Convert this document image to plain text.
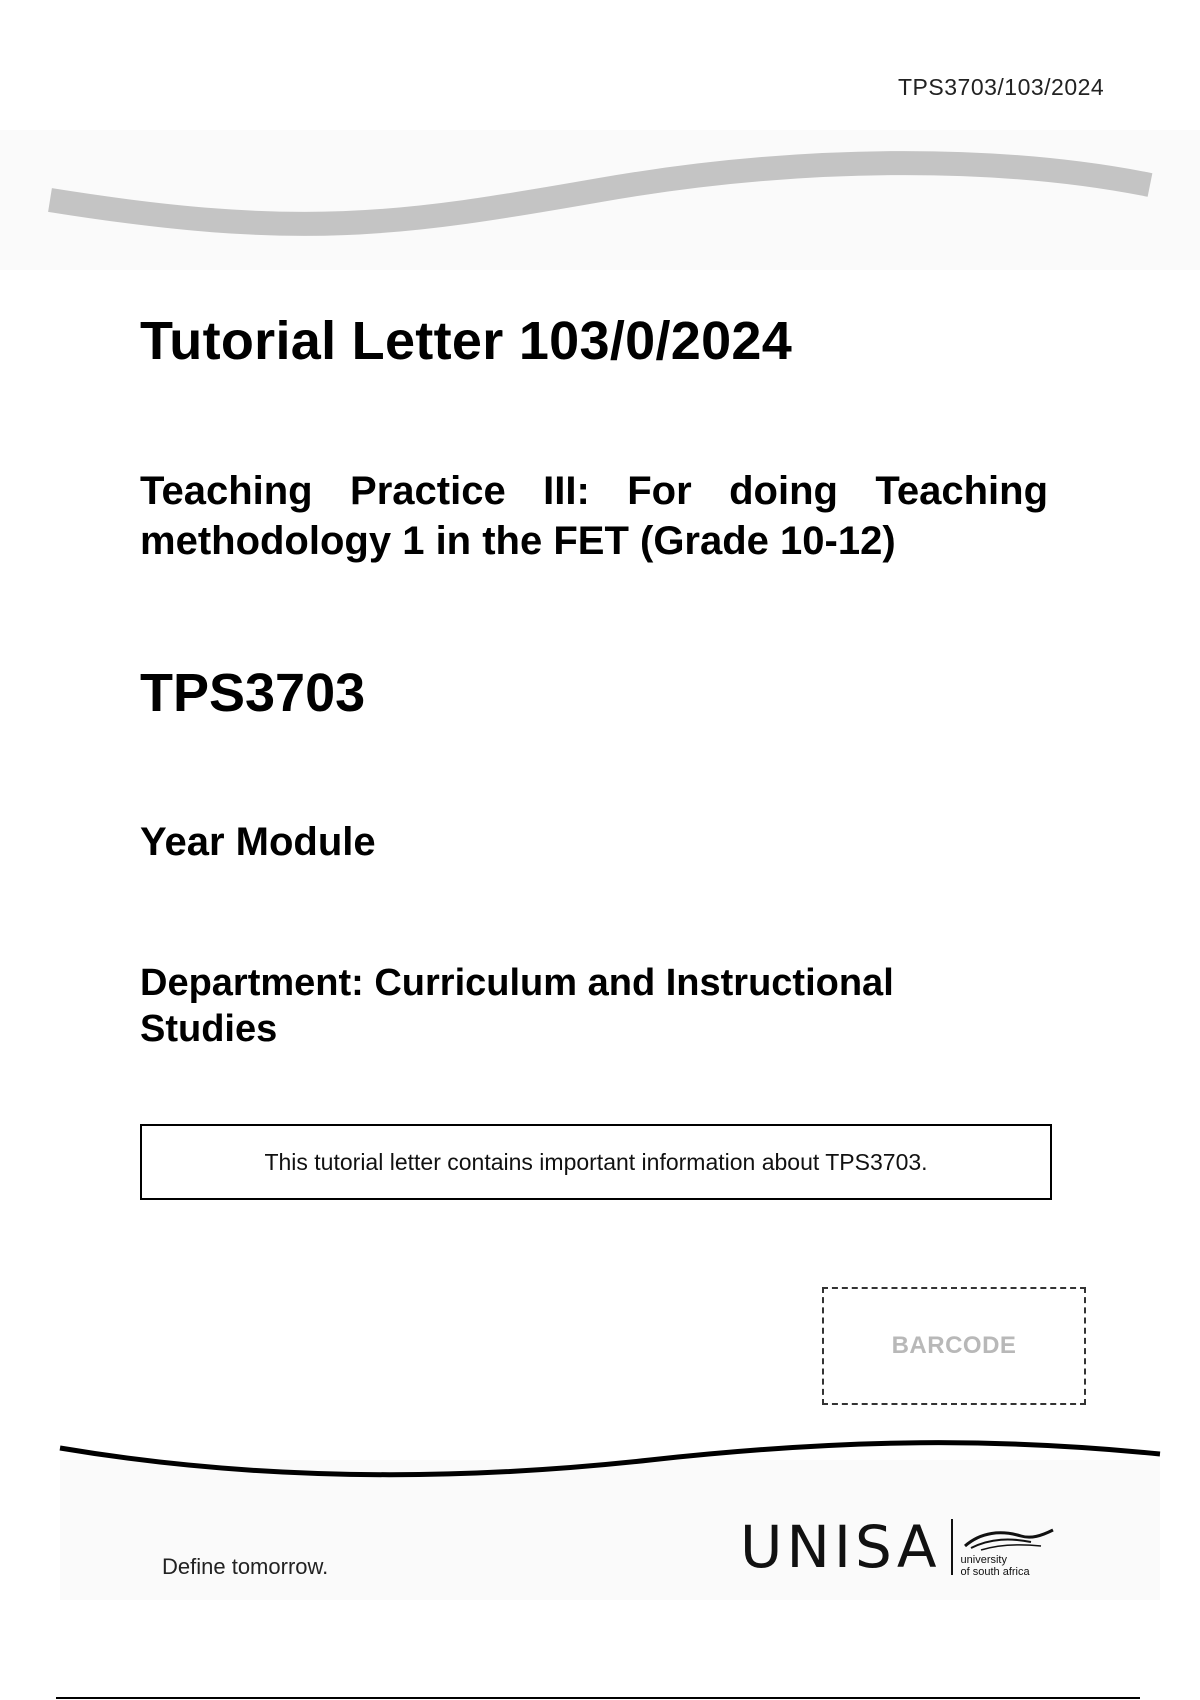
TPS3703/103/2024
Tutorial Letter 103/0/2024
Teaching Practice III: For doing Teaching methodology 1 in the FET (Grade 10-12)
TPS3703
Year Module
Department: Curriculum and Instructional Studies
This tutorial letter contains important information about TPS3703.
BARCODE
Define tomorrow.	UNISA university
of south africa
